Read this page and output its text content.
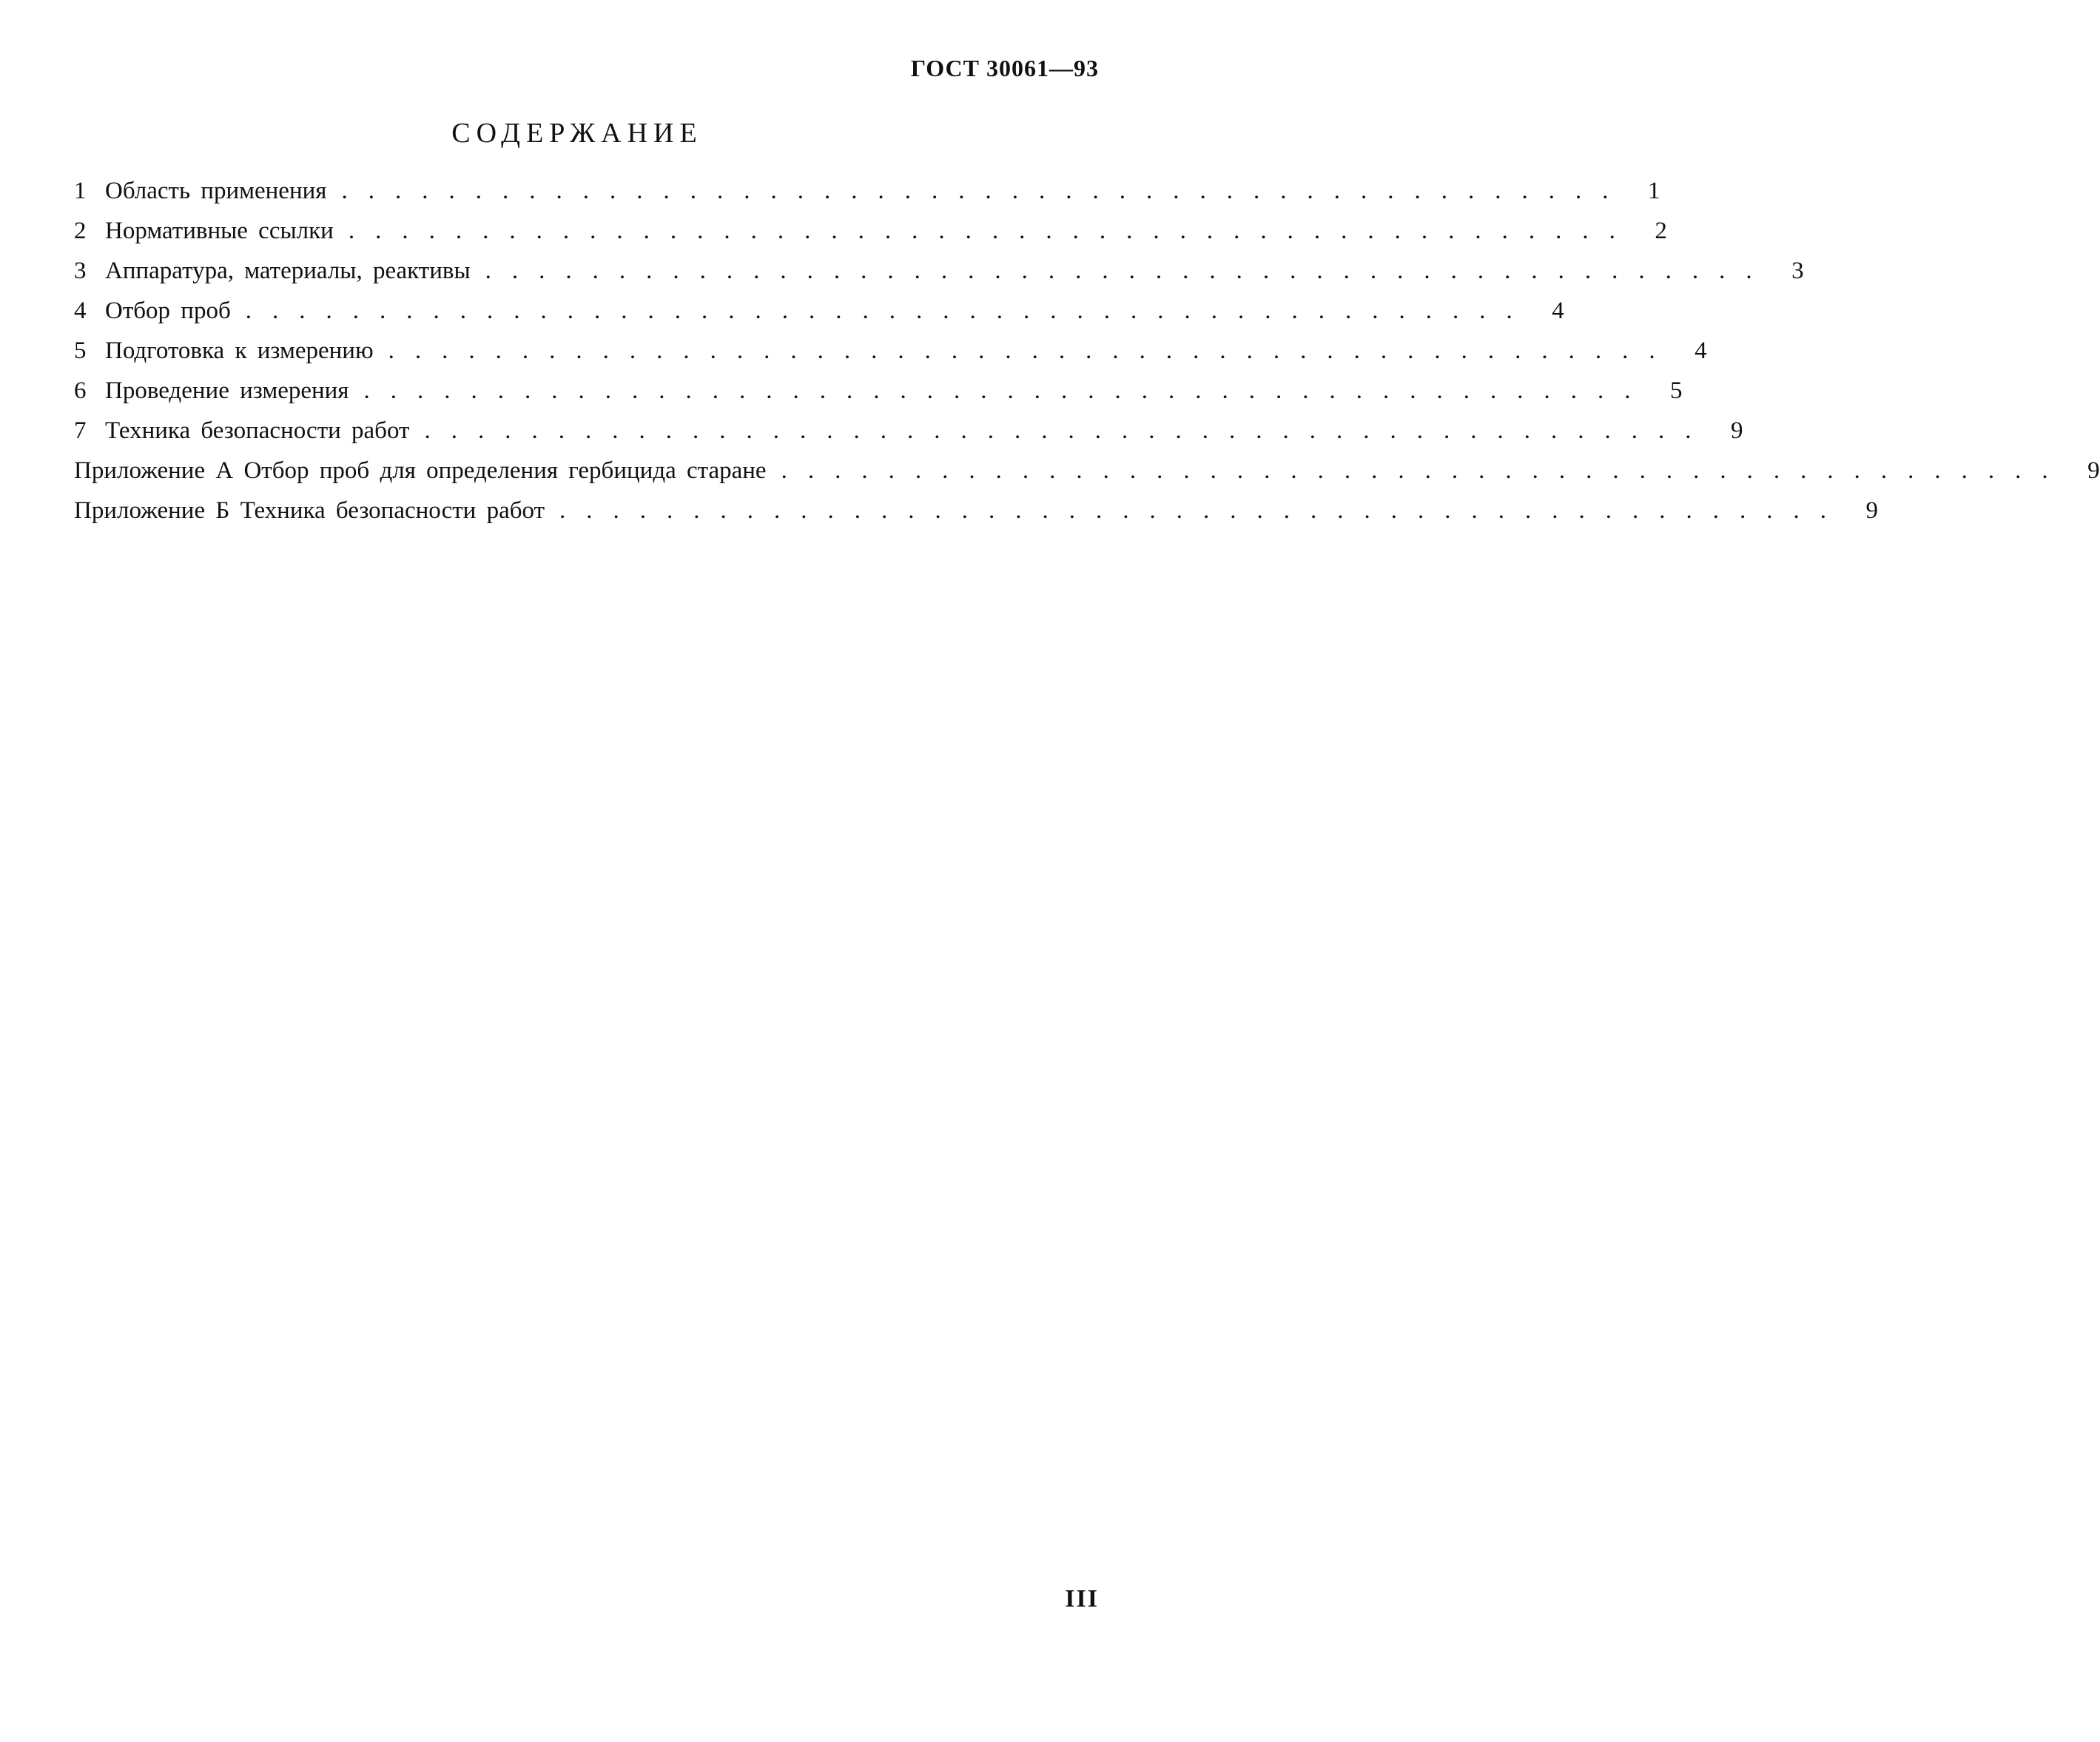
ГОСТ 30061—93
СОДЕРЖАНИЕ
1 Область применения ................................................ 1
2 Нормативные ссылки ................................................ 2
3 Аппаратура, материалы, реактивы ................................................ 3
4 Отбор проб ................................................ 4
5 Подготовка к измерению ................................................ 4
6 Проведение измерения ................................................ 5
7 Техника безопасности работ ................................................ 9
Приложение А Отбор проб для определения гербицида старане ................................................ 9
Приложение Б Техника безопасности работ ................................................ 9
III
